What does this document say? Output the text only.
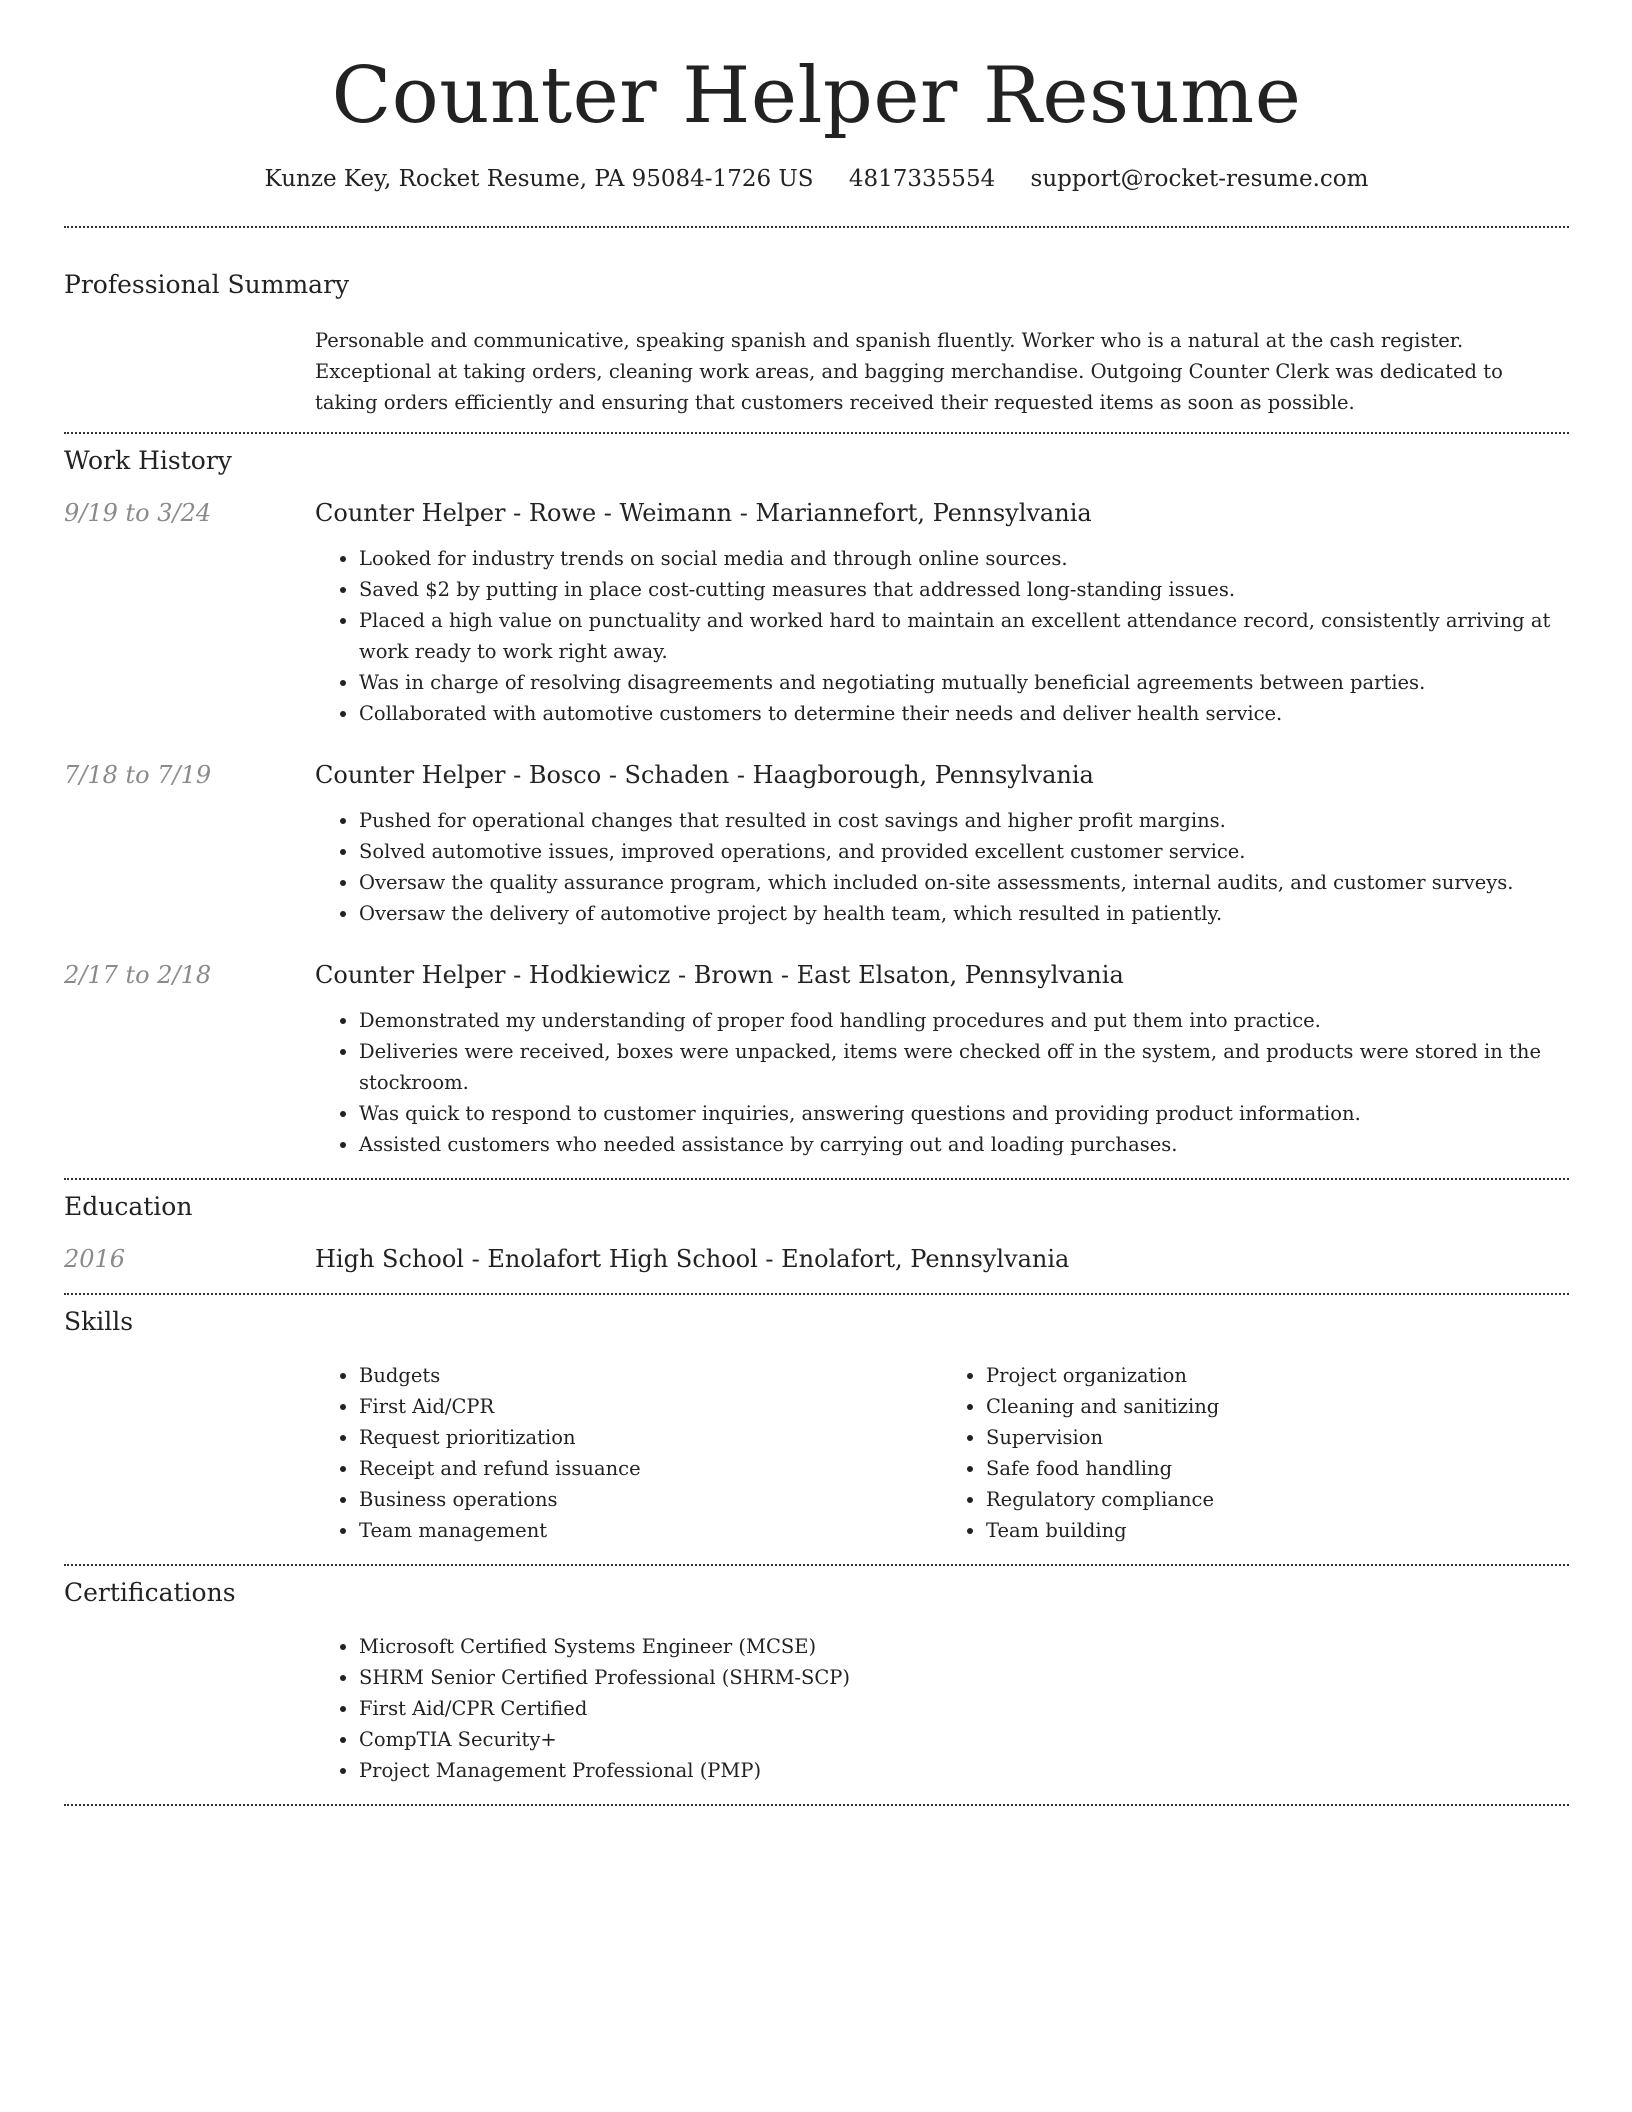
Counter Helper Resume
Kunze Key, Rocket Resume, PA 95084-1726 US 4817335554 support@rocket-resume.com
Professional Summary
Personable and communicative, speaking spanish and spanish fluently. Worker who is a natural at the cash register. Exceptional at taking orders, cleaning work areas, and bagging merchandise. Outgoing Counter Clerk was dedicated to taking orders efficiently and ensuring that customers received their requested items as soon as possible.
Work History
9/19 to 3/24	Counter Helper - Rowe - Weimann - Mariannefort, Pennsylvania
• Looked for industry trends on social media and through online sources.
• Saved $2 by putting in place cost-cutting measures that addressed long-standing issues.
• Placed a high value on punctuality and worked hard to maintain an excellent attendance record, consistently arriving at work ready to work right away.
• Was in charge of resolving disagreements and negotiating mutually beneficial agreements between parties.
• Collaborated with automotive customers to determine their needs and deliver health service.
7/18 to 7/19	Counter Helper - Bosco - Schaden - Haagborough, Pennsylvania
• Pushed for operational changes that resulted in cost savings and higher profit margins.
• Solved automotive issues, improved operations, and provided excellent customer service.
• Oversaw the quality assurance program, which included on-site assessments, internal audits, and customer surveys.
• Oversaw the delivery of automotive project by health team, which resulted in patiently.
2/17 to 2/18	Counter Helper - Hodkiewicz - Brown - East Elsaton, Pennsylvania
• Demonstrated my understanding of proper food handling procedures and put them into practice.
• Deliveries were received, boxes were unpacked, items were checked off in the system, and products were stored in the stockroom.
• Was quick to respond to customer inquiries, answering questions and providing product information.
• Assisted customers who needed assistance by carrying out and loading purchases.
Education
2016	High School - Enolafort High School - Enolafort, Pennsylvania
Skills
• Budgets
• First Aid/CPR
• Request prioritization
• Receipt and refund issuance
• Business operations
• Team management
• Project organization
• Cleaning and sanitizing
• Supervision
• Safe food handling
• Regulatory compliance
• Team building
Certifications
• Microsoft Certified Systems Engineer (MCSE)
• SHRM Senior Certified Professional (SHRM-SCP)
• First Aid/CPR Certified
• CompTIA Security+
• Project Management Professional (PMP)
